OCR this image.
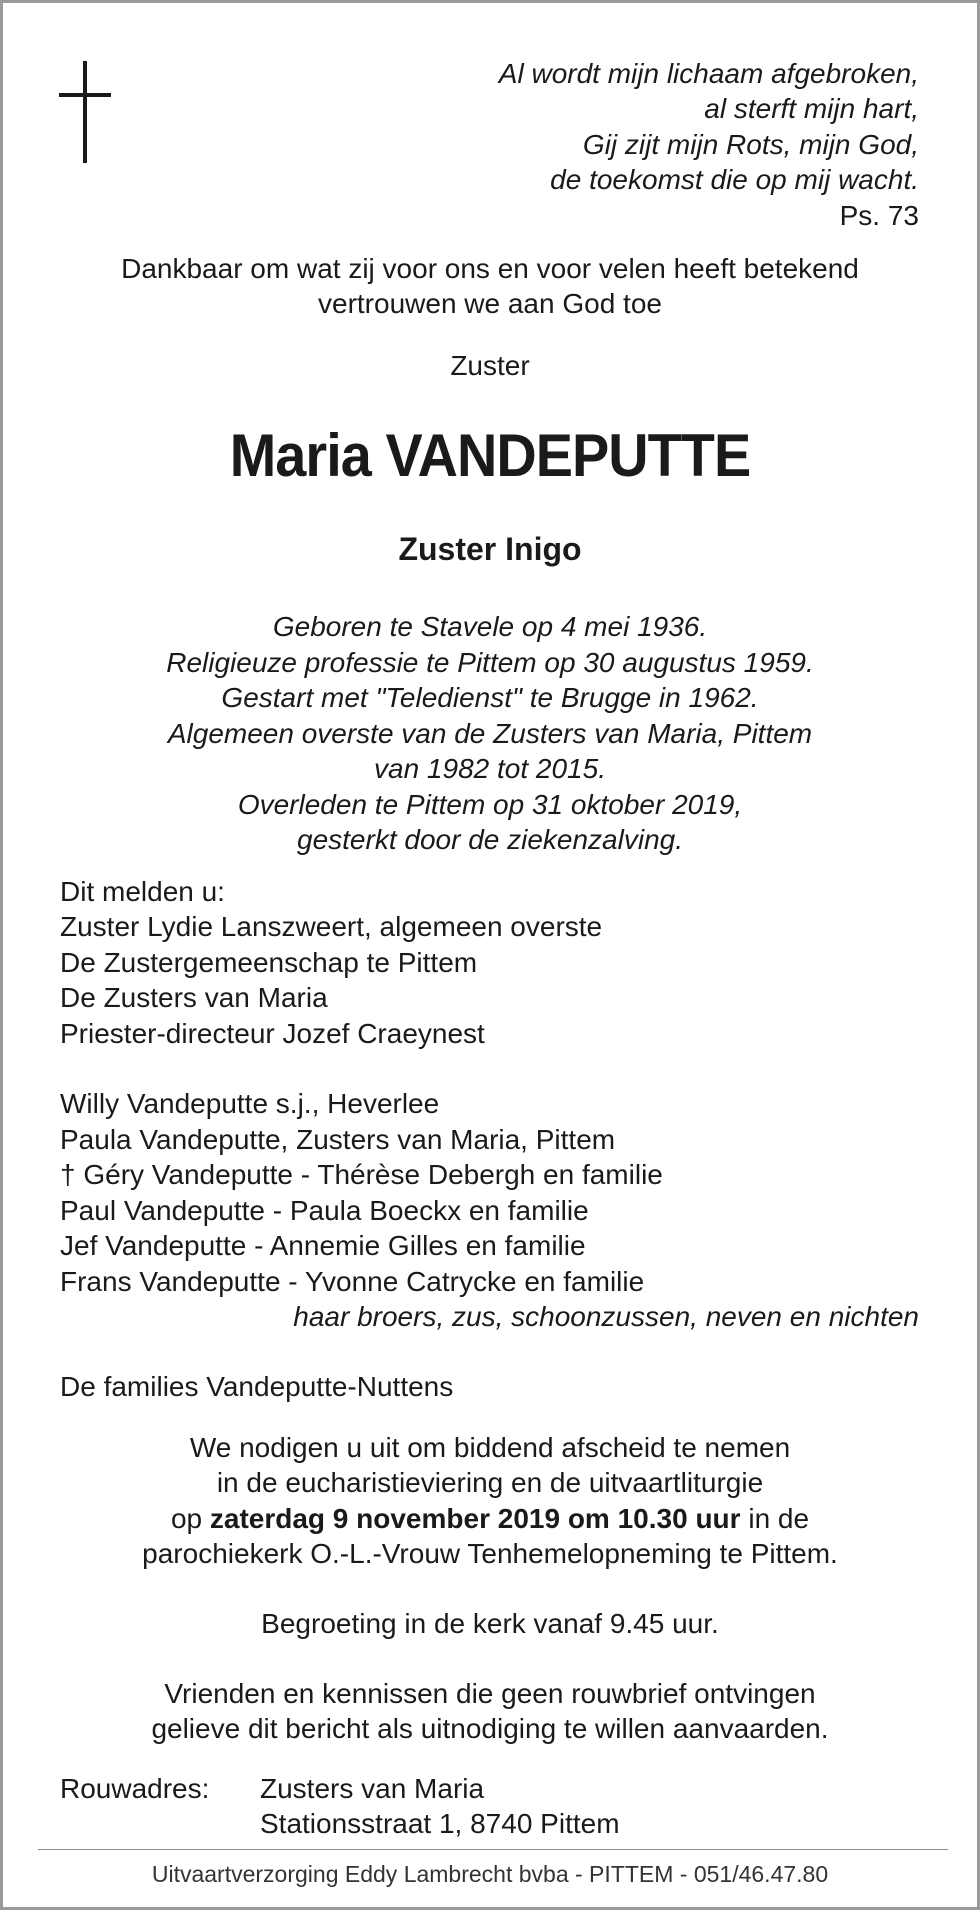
Al wordt mijn lichaam afgebroken,
al sterft mijn hart,
Gij zijt mijn Rots, mijn God,
de toekomst die op mij wacht.
Ps. 73
Dankbaar om wat zij voor ons en voor velen heeft betekend
vertrouwen we aan God toe
Zuster
Maria VANDEPUTTE
Zuster Inigo
Geboren te Stavele op 4 mei 1936.
Religieuze professie te Pittem op 30 augustus 1959.
Gestart met "Teledienst" te Brugge in 1962.
Algemeen overste van de Zusters van Maria, Pittem
van 1982 tot 2015.
Overleden te Pittem op 31 oktober 2019,
gesterkt door de ziekenzalving.
Dit melden u:
Zuster Lydie Lanszweert, algemeen overste
De Zustergemeenschap te Pittem
De Zusters van Maria
Priester-directeur Jozef Craeynest
Willy Vandeputte s.j., Heverlee
Paula Vandeputte, Zusters van Maria, Pittem
† Géry Vandeputte - Thérèse Debergh en familie
Paul Vandeputte - Paula Boeckx en familie
Jef Vandeputte - Annemie Gilles en familie
Frans Vandeputte - Yvonne Catrycke en familie
haar broers, zus, schoonzussen, neven en nichten
De families Vandeputte-Nuttens
We nodigen u uit om biddend afscheid te nemen
in de eucharistieviering en de uitvaartliturgie
op zaterdag 9 november 2019 om 10.30 uur in de
parochiekerk O.-L.-Vrouw Tenhemelopneming te Pittem.
Begroeting in de kerk vanaf 9.45 uur.
Vrienden en kennissen die geen rouwbrief ontvingen
gelieve dit bericht als uitnodiging te willen aanvaarden.
Rouwadres: Zusters van Maria
Stationsstraat 1, 8740 Pittem
Uitvaartverzorging Eddy Lambrecht bvba - PITTEM - 051/46.47.80
